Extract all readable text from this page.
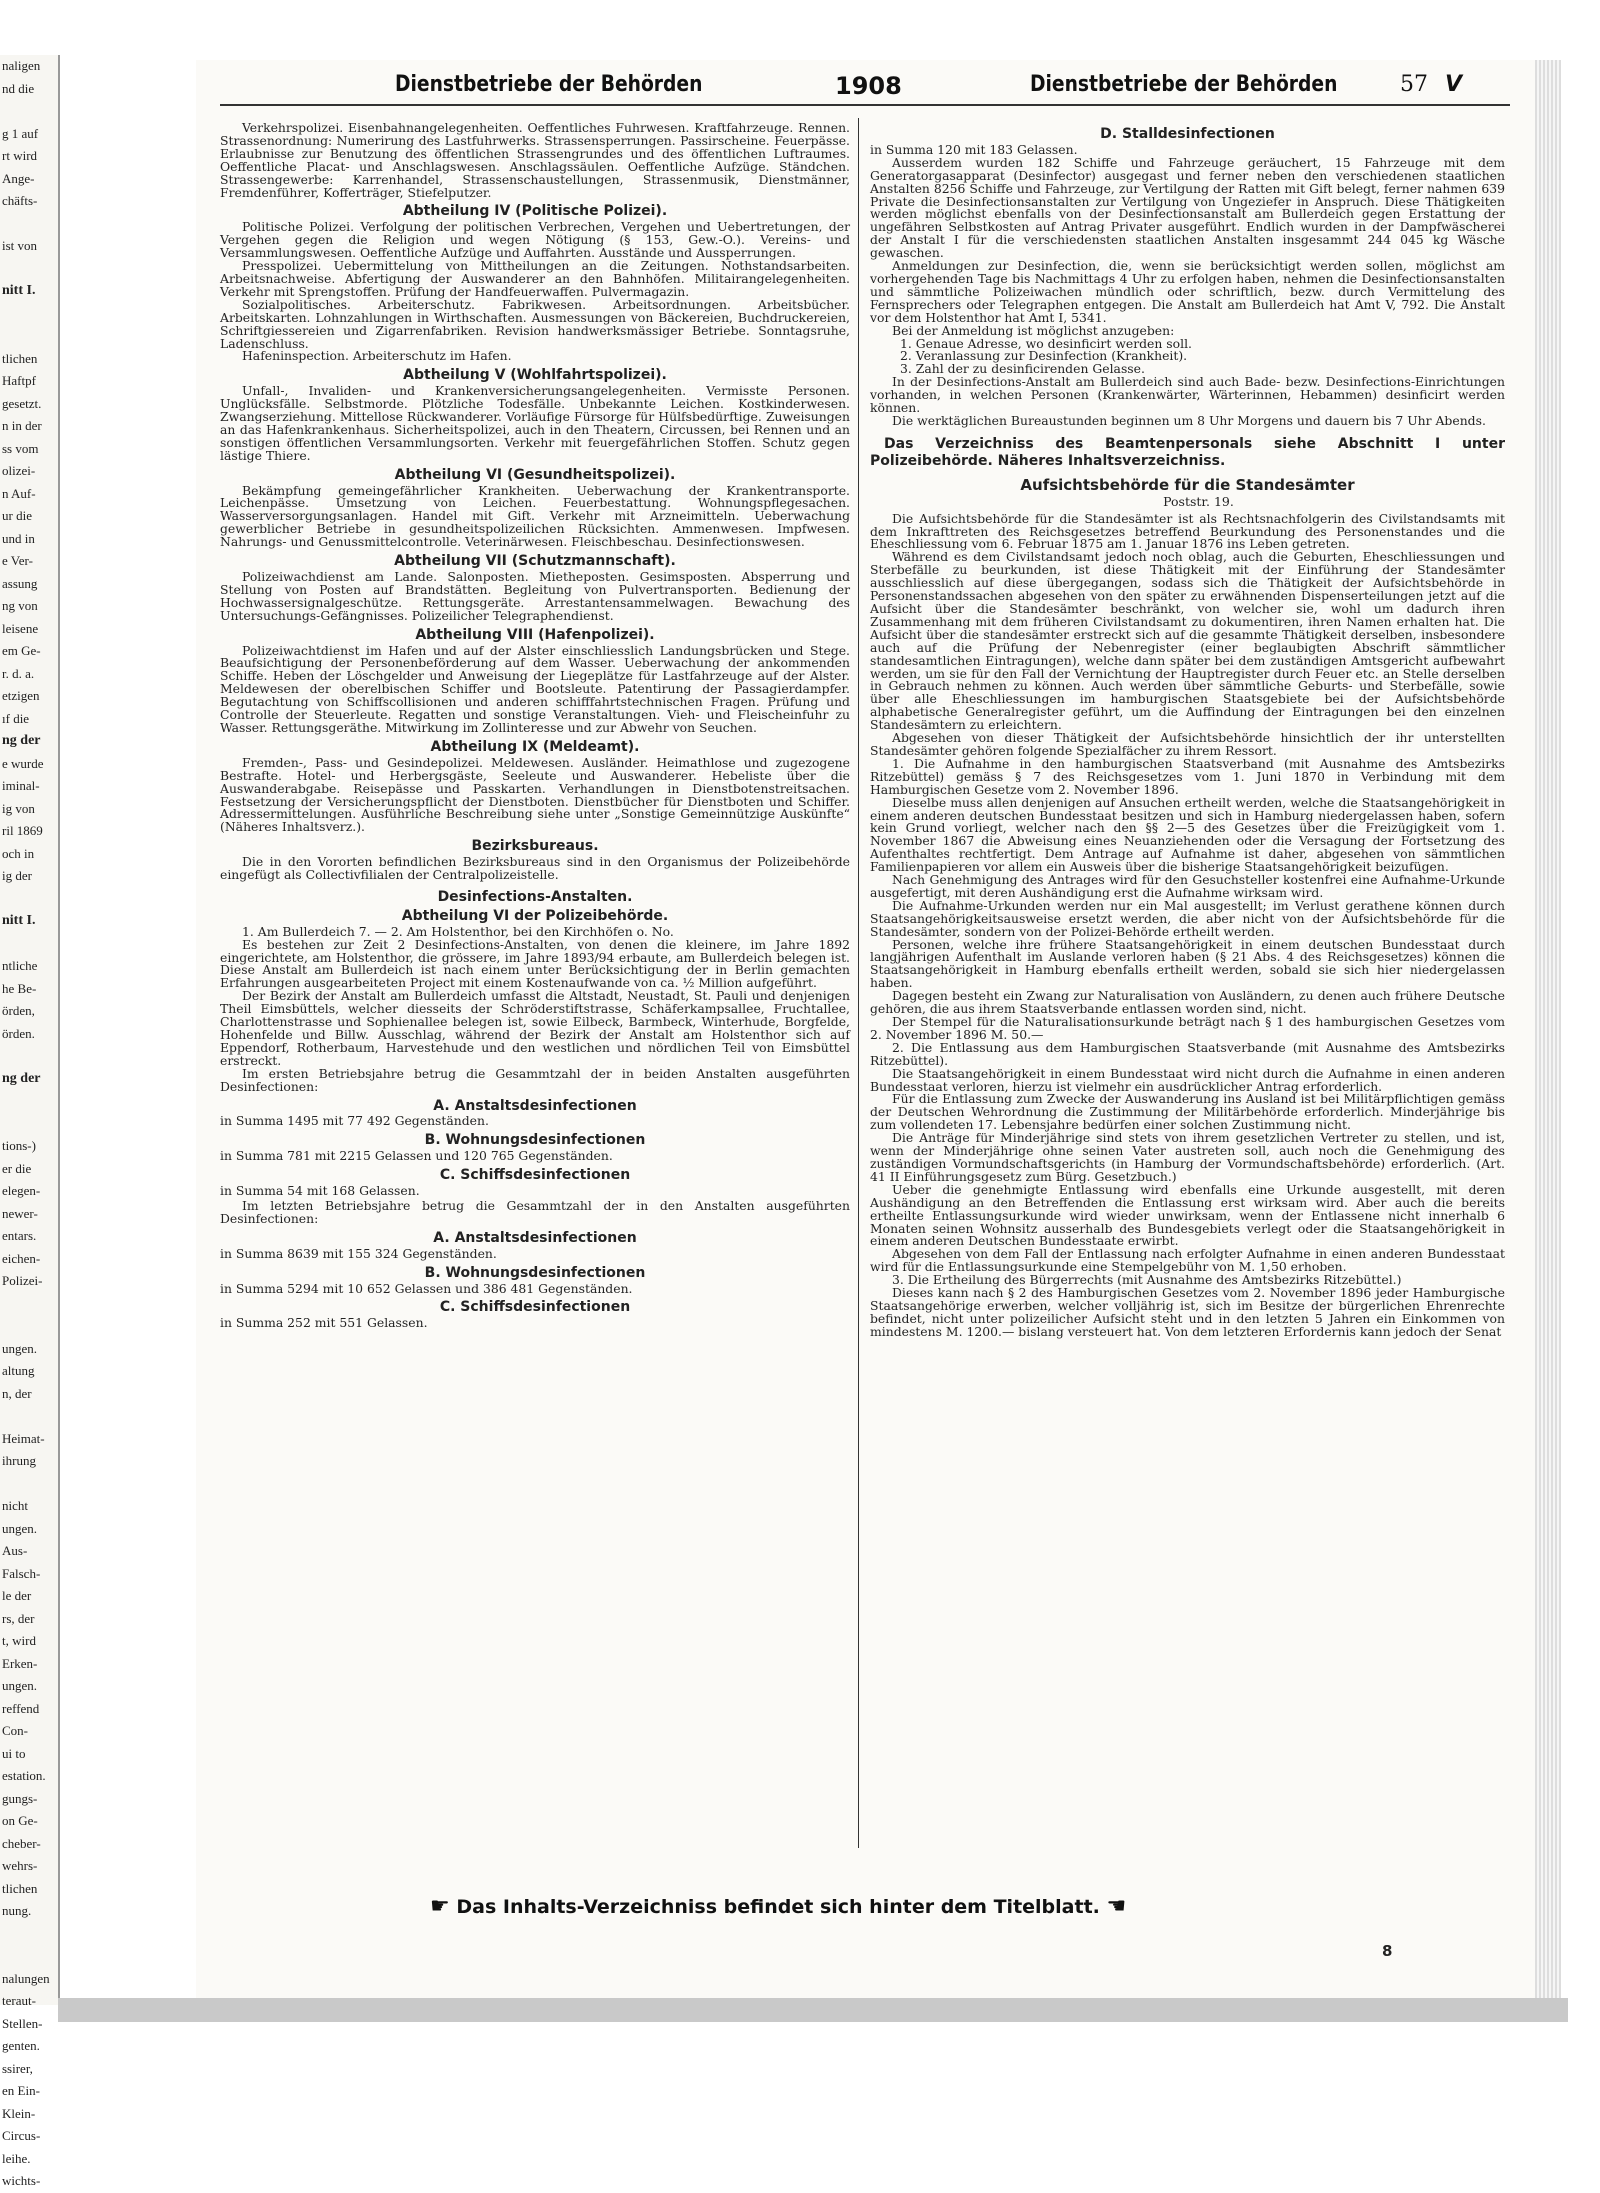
naligen
nd die

g 1 auf
rt wird
Ange-
chäfts-

ist von

nitt I.

tlichen
Haftpf
gesetzt.
n in der
ss vom
olizei-
n Auf-
ur die
und in
e Ver-
assung
ng von
leisene
em Ge-
r. d. a.
etzigen
ıf die
ng der
e wurde
iminal-
ig von
ril 1869
och in
ig der

nitt I.

ntliche
he Be-
örden,
örden.

ng der

tions-)
er die
elegen-
newer-
entars.
eichen-
Polizei-

ungen.
altung
n, der

Heimat-
ihrung

nicht
ungen.
Aus-
Falsch-
le der
rs, der
t, wird
Erken-
ungen.
reffend
Con-
ui to
estation.
gungs-
on Ge-
cheber-
wehrs-
tlichen
nung.

nalungen
teraut-
Stellen-
genten.
ssirer,
en Ein-
Klein-
Circus-
leihe.
wichts-
Dienstbetriebe der Behörden	1908	Dienstbetriebe der Behörden	57 V

Verkehrspolizei. Eisenbahnangelegenheiten. Oeffentliches Fuhrwesen. Kraftfahrzeuge. Rennen. Strassenordnung: Numerirung des Lastfuhrwerks. Strassensperrungen. Passirscheine. Feuerpässe. Erlaubnisse zur Benutzung des öffentlichen Strassengrundes und des öffentlichen Luftraumes. Oeffentliche Placat- und Anschlagswesen. Anschlagssäulen. Oeffentliche Aufzüge. Ständchen. Strassengewerbe: Karrenhandel, Strassenschaustellungen, Strassenmusik, Dienstmänner, Fremdenführer, Kofferträger, Stiefelputzer.

Abtheilung IV (Politische Polizei).

Politische Polizei. Verfolgung der politischen Verbrechen, Vergehen und Uebertretungen, der Vergehen gegen die Religion und wegen Nötigung (§ 153, Gew.-O.). Vereins- und Versammlungswesen. Oeffentliche Aufzüge und Auffahrten. Ausstände und Aussperrungen.

Presspolizei. Uebermittelung von Mittheilungen an die Zeitungen. Nothstandsarbeiten. Arbeitsnachweise. Abfertigung der Auswanderer an den Bahnhöfen. Militairangelegenheiten. Verkehr mit Sprengstoffen. Prüfung der Handfeuerwaffen. Pulvermagazin.

Sozialpolitisches. Arbeiterschutz. Fabrikwesen. Arbeitsordnungen. Arbeitsbücher. Arbeitskarten. Lohnzahlungen in Wirthschaften. Ausmessungen von Bäckereien, Buchdruckereien, Schriftgiessereien und Zigarrenfabriken. Revision handwerksmässiger Betriebe. Sonntagsruhe, Ladenschluss.

Hafeninspection. Arbeiterschutz im Hafen.

Abtheilung V (Wohlfahrtspolizei).

Unfall-, Invaliden- und Krankenversicherungsangelegenheiten. Vermisste Personen. Unglücksfälle. Selbstmorde. Plötzliche Todesfälle. Unbekannte Leichen. Kostkinderwesen. Zwangserziehung. Mittellose Rückwanderer. Vorläufige Fürsorge für Hülfsbedürftige. Zuweisungen an das Hafenkrankenhaus. Sicherheitspolizei, auch in den Theatern, Circussen, bei Rennen und an sonstigen öffentlichen Versammlungsorten. Verkehr mit feuergefährlichen Stoffen. Schutz gegen lästige Thiere.

Abtheilung VI (Gesundheitspolizei).

Bekämpfung gemeingefährlicher Krankheiten. Ueberwachung der Krankentransporte. Leichenpässe. Umsetzung von Leichen. Feuerbestattung. Wohnungspflegesachen. Wasserversorgungsanlagen. Handel mit Gift. Verkehr mit Arzneimitteln. Ueberwachung gewerblicher Betriebe in gesundheitspolizeilichen Rücksichten. Ammenwesen. Impfwesen. Nahrungs- und Genussmittelcontrolle. Veterinärwesen. Fleischbeschau. Desinfectionswesen.

Abtheilung VII (Schutzmannschaft).

Polizeiwachdienst am Lande. Salonposten. Mietheposten. Gesimsposten. Absperrung und Stellung von Posten auf Brandstätten. Begleitung von Pulvertransporten. Bedienung der Hochwassersignalgeschütze. Rettungsgeräte. Arrestantensammelwagen. Bewachung des Untersuchungs-Gefängnisses. Polizeilicher Telegraphendienst.

Abtheilung VIII (Hafenpolizei).

Polizeiwachtdienst im Hafen und auf der Alster einschliesslich Landungsbrücken und Stege. Beaufsichtigung der Personenbeförderung auf dem Wasser. Ueberwachung der ankommenden Schiffe. Heben der Löschgelder und Anweisung der Liegeplätze für Lastfahrzeuge auf der Alster. Meldewesen der oberelbischen Schiffer und Bootsleute. Patentirung der Passagierdampfer. Begutachtung von Schiffscollisionen und anderen schifffahrtstechnischen Fragen. Prüfung und Controlle der Steuerleute. Regatten und sonstige Veranstaltungen. Vieh- und Fleischeinfuhr zu Wasser. Rettungsgeräthe. Mitwirkung im Zollinteresse und zur Abwehr von Seuchen.

Abtheilung IX (Meldeamt).

Fremden-, Pass- und Gesindepolizei. Meldewesen. Ausländer. Heimathlose und zugezogene Bestrafte. Hotel- und Herbergsgäste, Seeleute und Auswanderer. Hebeliste über die Auswanderabgabe. Reisepässe und Passkarten. Verhandlungen in Dienstbotenstreitsachen. Festsetzung der Versicherungspflicht der Dienstboten. Dienstbücher für Dienstboten und Schiffer. Adressermittelungen. Ausführliche Beschreibung siehe unter „Sonstige Gemeinnützige Auskünfte“ (Näheres Inhaltsverz.).

Bezirksbureaus.

Die in den Vororten befindlichen Bezirksbureaus sind in den Organismus der Polizeibehörde eingefügt als Collectivfilialen der Centralpolizeistelle.

Desinfections-Anstalten.
Abtheilung VI der Polizeibehörde.

1. Am Bullerdeich 7. — 2. Am Holstenthor, bei den Kirchhöfen o. No.

Es bestehen zur Zeit 2 Desinfections-Anstalten, von denen die kleinere, im Jahre 1892 eingerichtete, am Holstenthor, die grössere, im Jahre 1893/94 erbaute, am Bullerdeich belegen ist. Diese Anstalt am Bullerdeich ist nach einem unter Berücksichtigung der in Berlin gemachten Erfahrungen ausgearbeiteten Project mit einem Kostenaufwande von ca. ½ Million aufgeführt.

Der Bezirk der Anstalt am Bullerdeich umfasst die Altstadt, Neustadt, St. Pauli und denjenigen Theil Eimsbüttels, welcher diesseits der Schröderstiftstrasse, Schäferkampsallee, Fruchtallee, Charlottenstrasse und Sophienallee belegen ist, sowie Eilbeck, Barmbeck, Winterhude, Borgfelde, Hohenfelde und Billw. Ausschlag, während der Bezirk der Anstalt am Holstenthor sich auf Eppendorf, Rotherbaum, Harvestehude und den westlichen und nördlichen Teil von Eimsbüttel erstreckt.

Im ersten Betriebsjahre betrug die Gesammtzahl der in beiden Anstalten ausgeführten Desinfectionen:

A. Anstaltsdesinfectionen

in Summa 1495 mit 77 492 Gegenständen.

B. Wohnungsdesinfectionen

in Summa 781 mit 2215 Gelassen und 120 765 Gegenständen.

C. Schiffsdesinfectionen

in Summa 54 mit 168 Gelassen.

Im letzten Betriebsjahre betrug die Gesammtzahl der in den Anstalten ausgeführten Desinfectionen:

A. Anstaltsdesinfectionen

in Summa 8639 mit 155 324 Gegenständen.

B. Wohnungsdesinfectionen

in Summa 5294 mit 10 652 Gelassen und 386 481 Gegenständen.

C. Schiffsdesinfectionen

in Summa 252 mit 551 Gelassen.

D. Stalldesinfectionen

in Summa 120 mit 183 Gelassen.

Ausserdem wurden 182 Schiffe und Fahrzeuge geräuchert, 15 Fahrzeuge mit dem Generatorgasapparat (Desinfector) ausgegast und ferner neben den verschiedenen staatlichen Anstalten 8256 Schiffe und Fahrzeuge, zur Vertilgung der Ratten mit Gift belegt, ferner nahmen 639 Private die Desinfectionsanstalten zur Vertilgung von Ungeziefer in Anspruch. Diese Thätigkeiten werden möglichst ebenfalls von der Desinfectionsanstalt am Bullerdeich gegen Erstattung der ungefähren Selbstkosten auf Antrag Privater ausgeführt. Endlich wurden in der Dampfwäscherei der Anstalt I für die verschiedensten staatlichen Anstalten insgesammt 244 045 kg Wäsche gewaschen.

Anmeldungen zur Desinfection, die, wenn sie berücksichtigt werden sollen, möglichst am vorhergehenden Tage bis Nachmittags 4 Uhr zu erfolgen haben, nehmen die Desinfectionsanstalten und sämmtliche Polizeiwachen mündlich oder schriftlich, bezw. durch Vermittelung des Fernsprechers oder Telegraphen entgegen. Die Anstalt am Bullerdeich hat Amt V, 792. Die Anstalt vor dem Holstenthor hat Amt I, 5341.

Bei der Anmeldung ist möglichst anzugeben:

1. Genaue Adresse, wo desinficirt werden soll.

2. Veranlassung zur Desinfection (Krankheit).

3. Zahl der zu desinficirenden Gelasse.

In der Desinfections-Anstalt am Bullerdeich sind auch Bade- bezw. Desinfections-Einrichtungen vorhanden, in welchen Personen (Krankenwärter, Wärterinnen, Hebammen) desinficirt werden können.

Die werktäglichen Bureaustunden beginnen um 8 Uhr Morgens und dauern bis 7 Uhr Abends.

Das Verzeichniss des Beamtenpersonals siehe Abschnitt I unter Polizeibehörde. Näheres Inhaltsverzeichniss.

Aufsichtsbehörde für die Standesämter

Poststr. 19.

Die Aufsichtsbehörde für die Standesämter ist als Rechtsnachfolgerin des Civilstandsamts mit dem Inkrafttreten des Reichsgesetzes betreffend Beurkundung des Personenstandes und die Eheschliessung vom 6. Februar 1875 am 1. Januar 1876 ins Leben getreten.

Während es dem Civilstandsamt jedoch noch oblag, auch die Geburten, Eheschliessungen und Sterbefälle zu beurkunden, ist diese Thätigkeit mit der Einführung der Standesämter ausschliesslich auf diese übergegangen, sodass sich die Thätigkeit der Aufsichtsbehörde in Personenstandssachen abgesehen von den später zu erwähnenden Dispenserteilungen jetzt auf die Aufsicht über die Standesämter beschränkt, von welcher sie, wohl um dadurch ihren Zusammenhang mit dem früheren Civilstandsamt zu dokumentiren, ihren Namen erhalten hat. Die Aufsicht über die standesämter erstreckt sich auf die gesammte Thätigkeit derselben, insbesondere auch auf die Prüfung der Nebenregister (einer beglaubigten Abschrift sämmtlicher standesamtlichen Eintragungen), welche dann später bei dem zuständigen Amtsgericht aufbewahrt werden, um sie für den Fall der Vernichtung der Hauptregister durch Feuer etc. an Stelle derselben in Gebrauch nehmen zu können. Auch werden über sämmtliche Geburts- und Sterbefälle, sowie über alle Eheschliessungen im hamburgischen Staatsgebiete bei der Aufsichtsbehörde alphabetische Generalregister geführt, um die Auffindung der Eintragungen bei den einzelnen Standesämtern zu erleichtern.

Abgesehen von dieser Thätigkeit der Aufsichtsbehörde hinsichtlich der ihr unterstellten Standesämter gehören folgende Spezialfächer zu ihrem Ressort.

1. Die Aufnahme in den hamburgischen Staatsverband (mit Ausnahme des Amtsbezirks Ritzebüttel) gemäss § 7 des Reichsgesetzes vom 1. Juni 1870 in Verbindung mit dem Hamburgischen Gesetze vom 2. November 1896.

Dieselbe muss allen denjenigen auf Ansuchen ertheilt werden, welche die Staatsangehörigkeit in einem anderen deutschen Bundesstaat besitzen und sich in Hamburg niedergelassen haben, sofern kein Grund vorliegt, welcher nach den §§ 2—5 des Gesetzes über die Freizügigkeit vom 1. November 1867 die Abweisung eines Neuanziehenden oder die Versagung der Fortsetzung des Aufenthaltes rechtfertigt. Dem Antrage auf Aufnahme ist daher, abgesehen von sämmtlichen Familienpapieren vor allem ein Ausweis über die bisherige Staatsangehörigkeit beizufügen.

Nach Genehmigung des Antrages wird für den Gesuchsteller kostenfrei eine Aufnahme-Urkunde ausgefertigt, mit deren Aushändigung erst die Aufnahme wirksam wird.

Die Aufnahme-Urkunden werden nur ein Mal ausgestellt; im Verlust gerathene können durch Staatsangehörigkeitsausweise ersetzt werden, die aber nicht von der Aufsichtsbehörde für die Standesämter, sondern von der Polizei-Behörde ertheilt werden.

Personen, welche ihre frühere Staatsangehörigkeit in einem deutschen Bundesstaat durch langjährigen Aufenthalt im Auslande verloren haben (§ 21 Abs. 4 des Reichsgesetzes) können die Staatsangehörigkeit in Hamburg ebenfalls ertheilt werden, sobald sie sich hier niedergelassen haben.

Dagegen besteht ein Zwang zur Naturalisation von Ausländern, zu denen auch frühere Deutsche gehören, die aus ihrem Staatsverbande entlassen worden sind, nicht.

Der Stempel für die Naturalisationsurkunde beträgt nach § 1 des hamburgischen Gesetzes vom 2. November 1896 M. 50.—

2. Die Entlassung aus dem Hamburgischen Staatsverbande (mit Ausnahme des Amtsbezirks Ritzebüttel).

Die Staatsangehörigkeit in einem Bundesstaat wird nicht durch die Aufnahme in einen anderen Bundesstaat verloren, hierzu ist vielmehr ein ausdrücklicher Antrag erforderlich.

Für die Entlassung zum Zwecke der Auswanderung ins Ausland ist bei Militärpflichtigen gemäss der Deutschen Wehrordnung die Zustimmung der Militärbehörde erforderlich. Minderjährige bis zum vollendeten 17. Lebensjahre bedürfen einer solchen Zustimmung nicht.

Die Anträge für Minderjährige sind stets von ihrem gesetzlichen Vertreter zu stellen, und ist, wenn der Minderjährige ohne seinen Vater austreten soll, auch noch die Genehmigung des zuständigen Vormundschaftsgerichts (in Hamburg der Vormundschaftsbehörde) erforderlich. (Art. 41 II Einführungsgesetz zum Bürg. Gesetzbuch.)

Ueber die genehmigte Entlassung wird ebenfalls eine Urkunde ausgestellt, mit deren Aushändigung an den Betreffenden die Entlassung erst wirksam wird. Aber auch die bereits ertheilte Entlassungsurkunde wird wieder unwirksam, wenn der Entlassene nicht innerhalb 6 Monaten seinen Wohnsitz ausserhalb des Bundesgebiets verlegt oder die Staatsangehörigkeit in einem anderen Deutschen Bundesstaate erwirbt.

Abgesehen von dem Fall der Entlassung nach erfolgter Aufnahme in einen anderen Bundesstaat wird für die Entlassungsurkunde eine Stempelgebühr von M. 1,50 erhoben.

3. Die Ertheilung des Bürgerrechts (mit Ausnahme des Amtsbezirks Ritzebüttel.)

Dieses kann nach § 2 des Hamburgischen Gesetzes vom 2. November 1896 jeder Hamburgische Staatsangehörige erwerben, welcher volljährig ist, sich im Besitze der bürgerlichen Ehrenrechte befindet, nicht unter polizeilicher Aufsicht steht und in den letzten 5 Jahren ein Einkommen von mindestens M. 1200.— bislang versteuert hat. Von dem letzteren Erfordernis kann jedoch der Senat

☛ Das Inhalts-Verzeichniss befindet sich hinter dem Titelblatt. ☚
8
